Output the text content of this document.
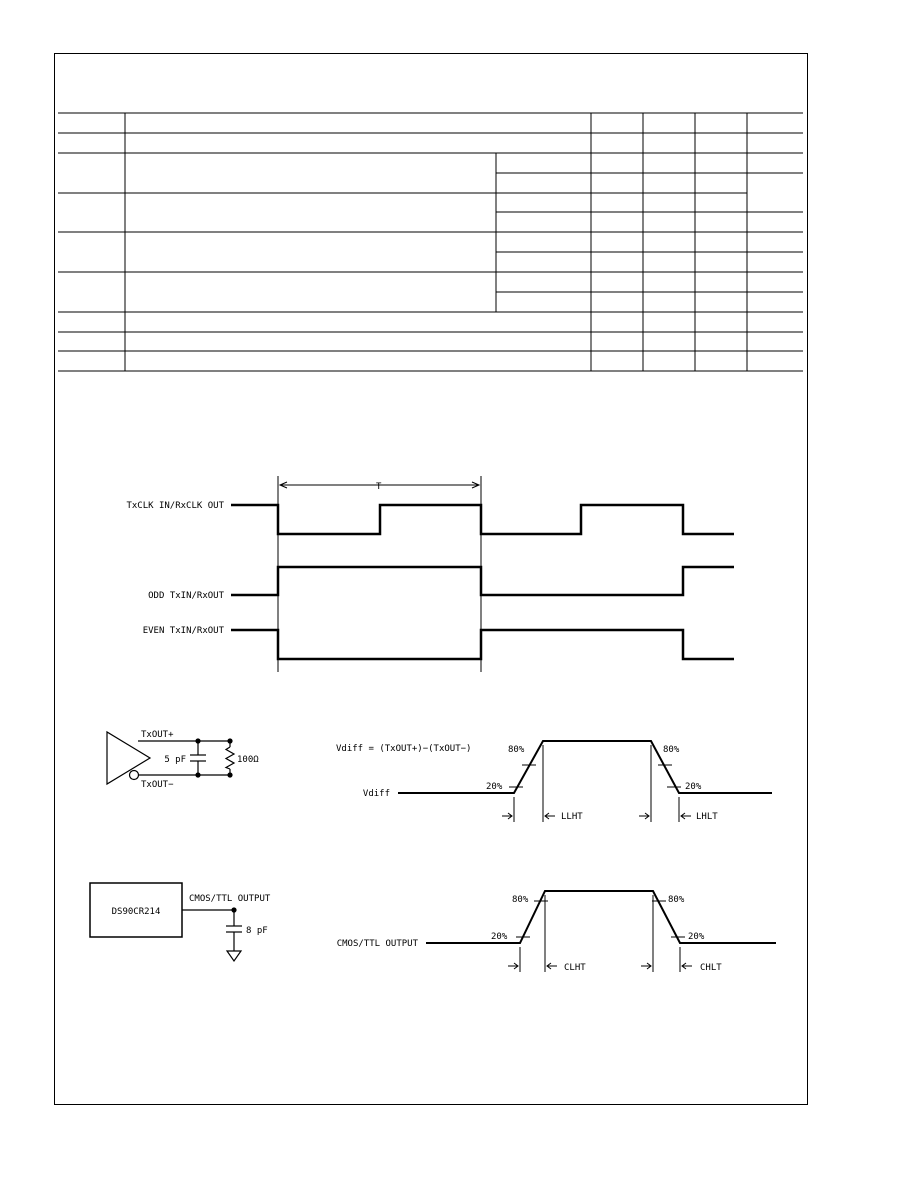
T
TxCLK IN/RxCLK OUT
ODD TxIN/RxOUT
EVEN TxIN/RxOUT
TxOUT+
TxOUT−
5 pF	100Ω
Vdiff = (TxOUT+)−(TxOUT−)
Vdiff
80%	80%
20%	20%
LLHT	LHLT
DS90CR214
CMOS/TTL OUTPUT
8 pF
CMOS/TTL OUTPUT
80%	80%
20%	20%
CLHT	CHLT
